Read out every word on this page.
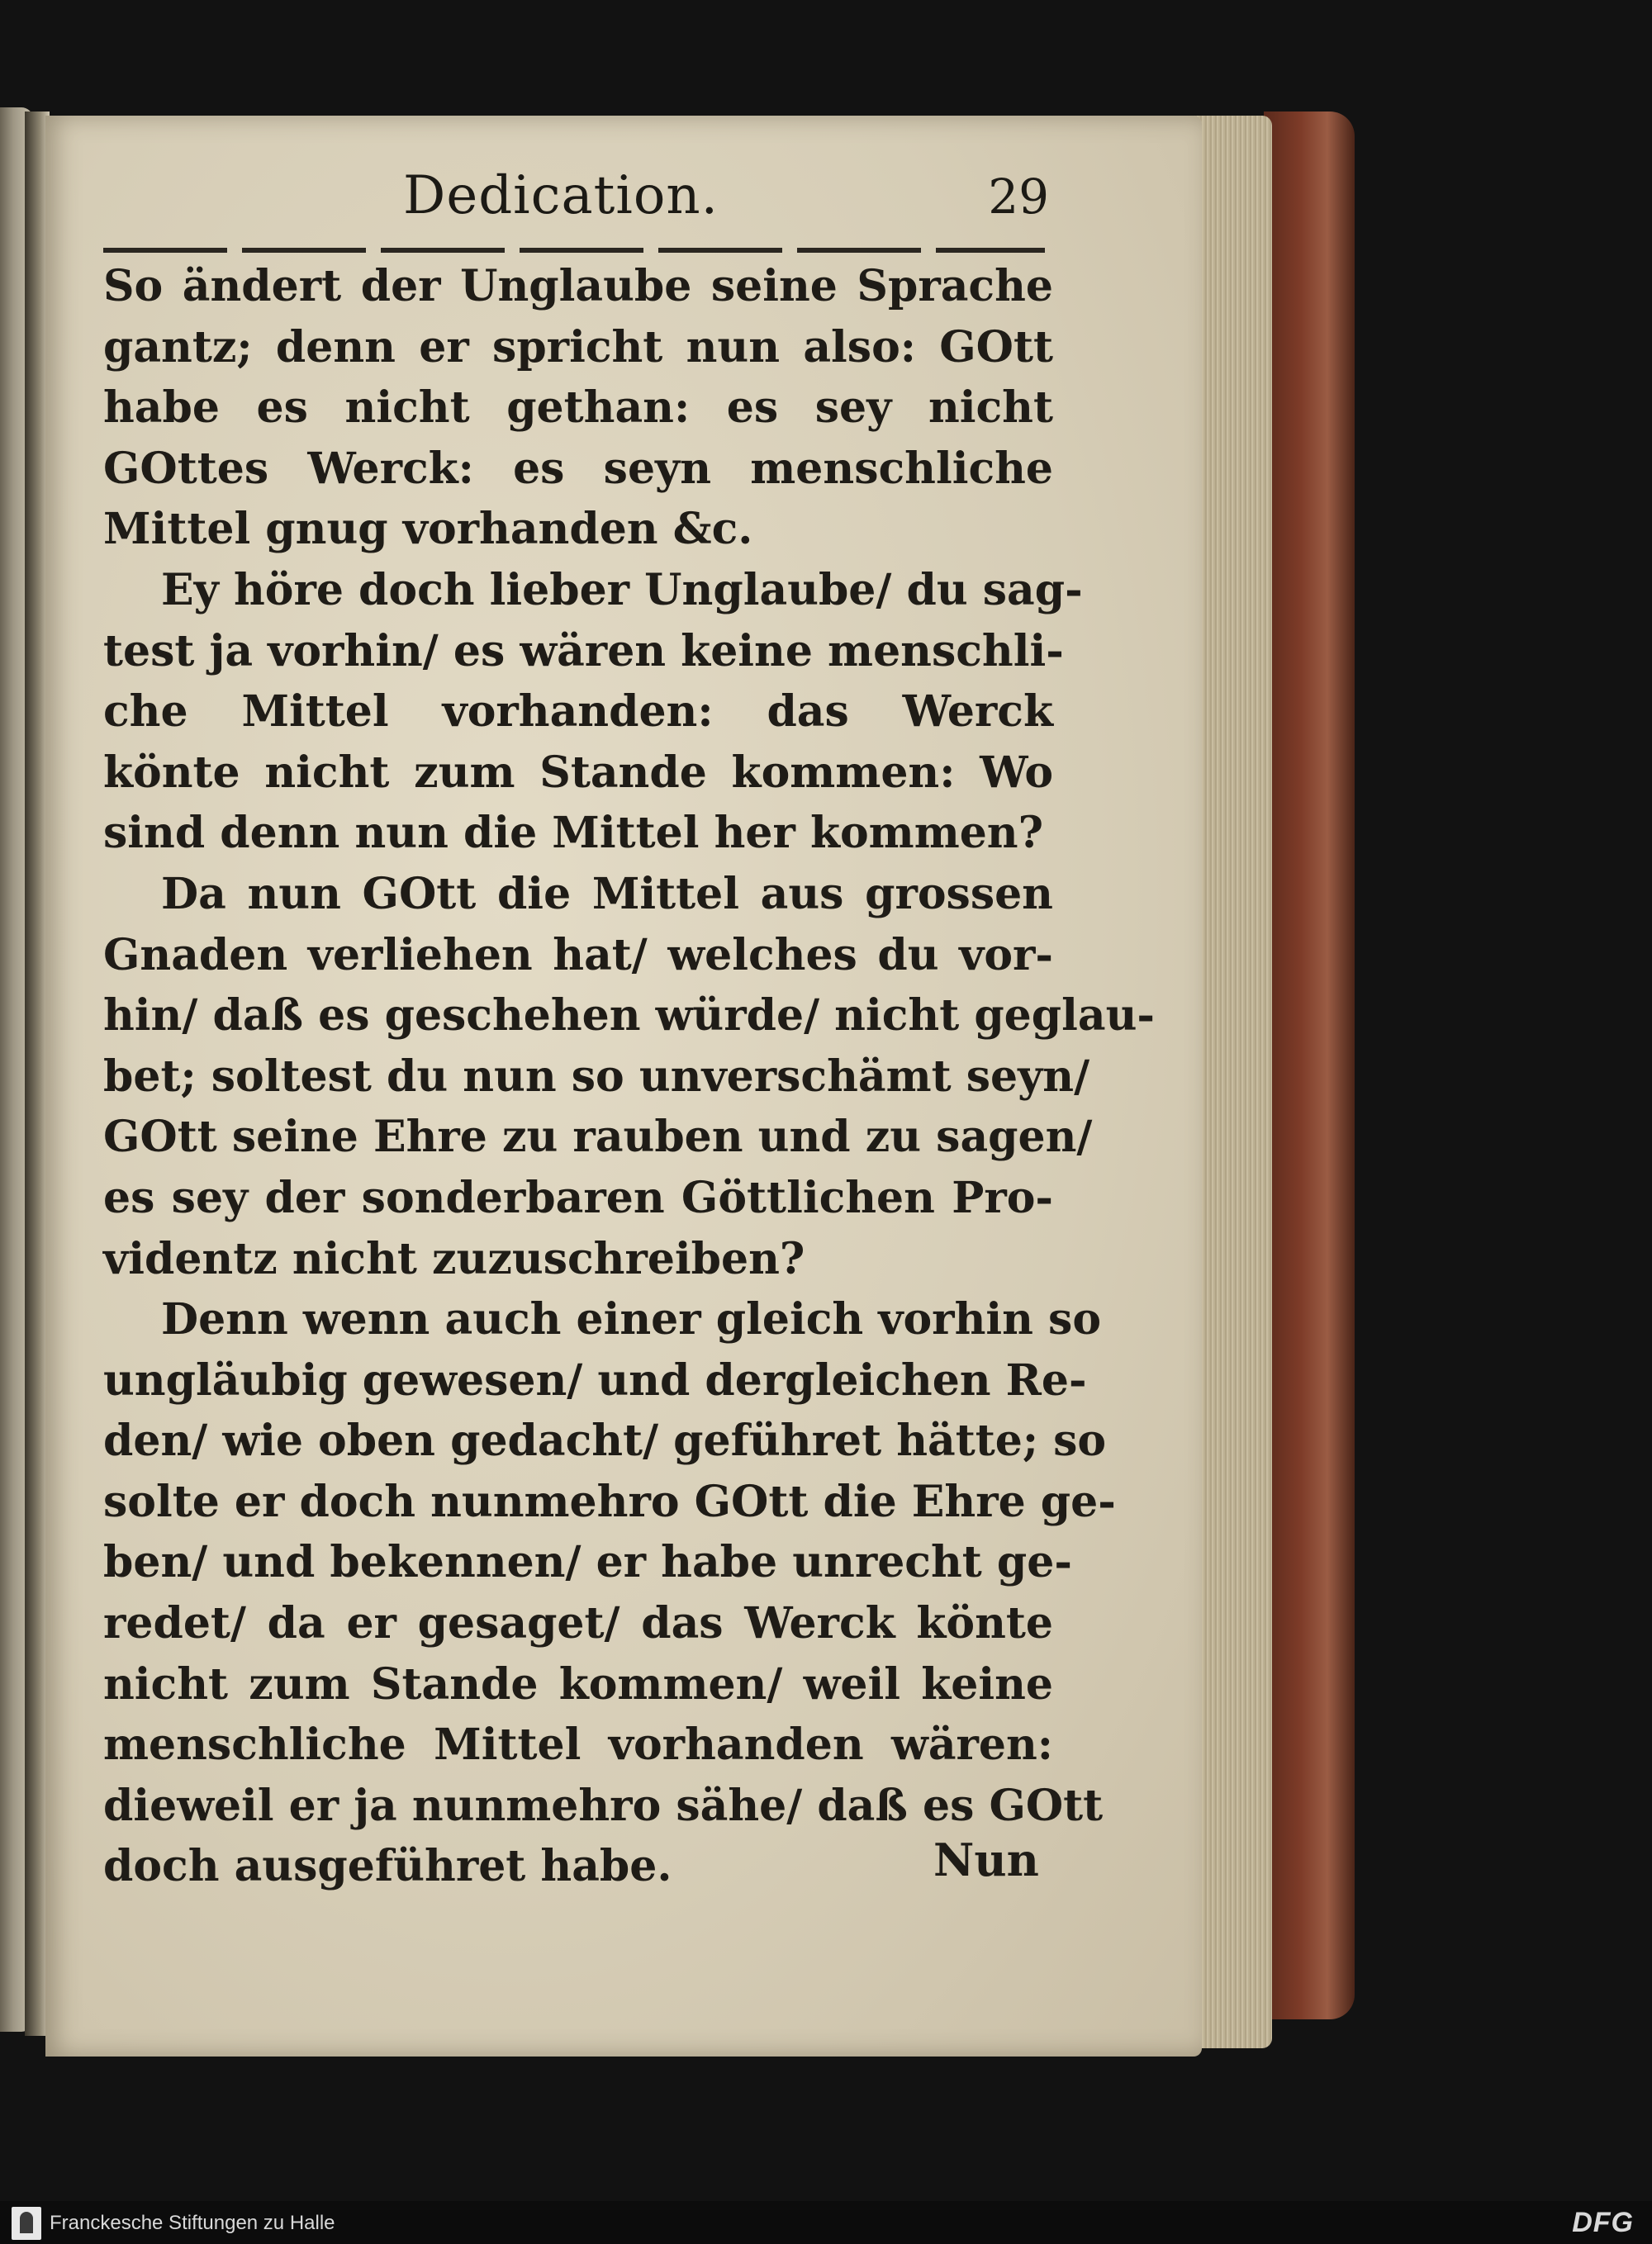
Dedication.	29
So ändert der Unglaube seine Sprache
gantz; denn er spricht nun also: GOtt
habe es nicht gethan: es sey nicht
GOttes Werck: es seyn menschliche
Mittel gnug vorhanden &c.
Ey höre doch lieber Unglaube/ du sag-
test ja vorhin/ es wären keine menschli-
che Mittel vorhanden: das Werck
könte nicht zum Stande kommen: Wo
sind denn nun die Mittel her kommen?
Da nun GOtt die Mittel aus grossen
Gnaden verliehen hat/ welches du vor-
hin/ daß es geschehen würde/ nicht geglau-
bet; soltest du nun so unverschämt seyn/
GOtt seine Ehre zu rauben und zu sagen/
es sey der sonderbaren Göttlichen Pro-
videntz nicht zuzuschreiben?
Denn wenn auch einer gleich vorhin so
ungläubig gewesen/ und dergleichen Re-
den/ wie oben gedacht/ geführet hätte; so
solte er doch nunmehro GOtt die Ehre ge-
ben/ und bekennen/ er habe unrecht ge-
redet/ da er gesaget/ das Werck könte
nicht zum Stande kommen/ weil keine
menschliche Mittel vorhanden wären:
dieweil er ja nunmehro sähe/ daß es GOtt
doch ausgeführet habe.	Nun
Franckesche Stiftungen zu Halle	DFG
